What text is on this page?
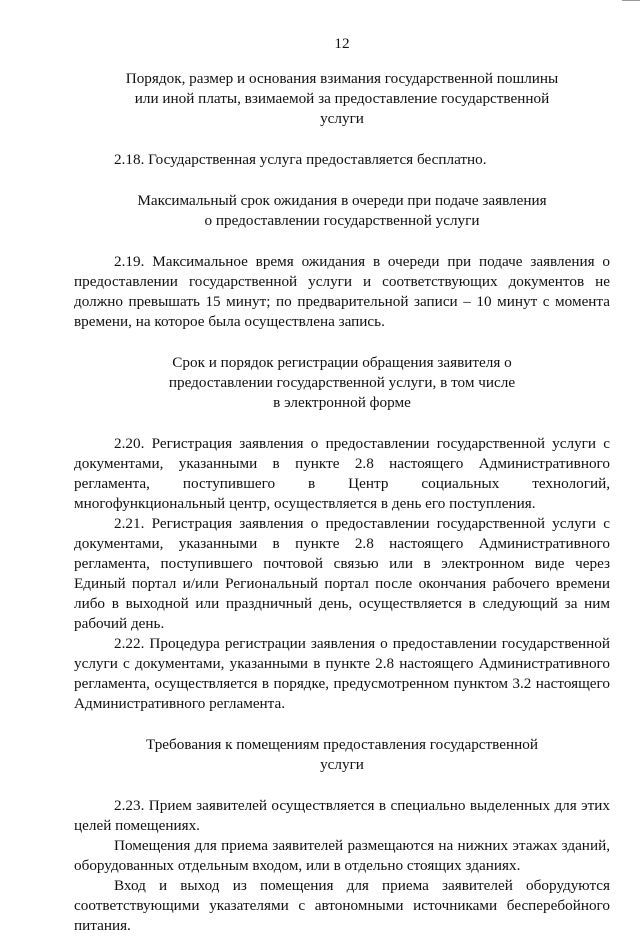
12
Порядок, размер и основания взимания государственной пошлины
или иной платы, взимаемой за предоставление государственной
услуги
2.18. Государственная услуга предоставляется бесплатно.
Максимальный срок ожидания в очереди при подаче заявления
о предоставлении государственной услуги
2.19. Максимальное время ожидания в очереди при подаче заявления о предоставлении государственной услуги и соответствующих документов не должно превышать 15 минут; по предварительной записи – 10 минут с момента времени, на которое была осуществлена запись.
Срок и порядок регистрации обращения заявителя о
предоставлении государственной услуги, в том числе
в электронной форме
2.20. Регистрация заявления о предоставлении государственной услуги с документами, указанными в пункте 2.8 настоящего Административного регламента, поступившего в Центр социальных технологий, многофункциональный центр, осуществляется в день его поступления.
2.21. Регистрация заявления о предоставлении государственной услуги с документами, указанными в пункте 2.8 настоящего Административного регламента, поступившего почтовой связью или в электронном виде через Единый портал и/или Региональный портал после окончания рабочего времени либо в выходной или праздничный день, осуществляется в следующий за ним рабочий день.
2.22. Процедура регистрации заявления о предоставлении государственной услуги с документами, указанными в пункте 2.8 настоящего Административного регламента, осуществляется в порядке, предусмотренном пунктом 3.2 настоящего Административного регламента.
Требования к помещениям предоставления государственной
услуги
2.23. Прием заявителей осуществляется в специально выделенных для этих целей помещениях.
Помещения для приема заявителей размещаются на нижних этажах зданий, оборудованных отдельным входом, или в отдельно стоящих зданиях.
Вход и выход из помещения для приема заявителей оборудуются соответствующими указателями с автономными источниками бесперебойного питания.
